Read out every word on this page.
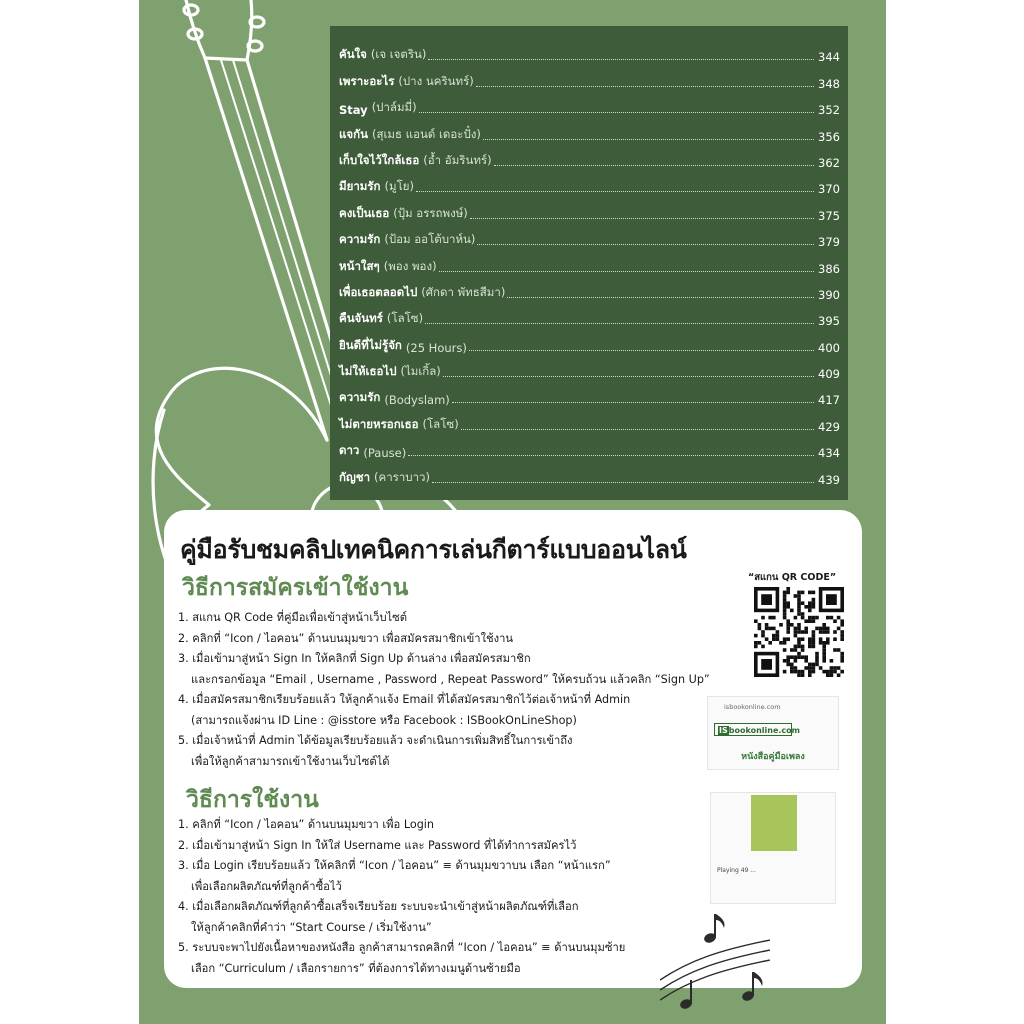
คันใจ (เจ เจตริน)	344
เพราะอะไร (ปาง นครินทร์)	348
Stay (ปาล์มมี่)	352
แจกัน (สุเมธ แอนด์ เดอะปั๋ง)	356
เก็บใจไว้ใกล้เธอ (อ้ำ อัมรินทร์)	362
มียามรัก (มูโย)	370
คงเป็นเธอ (ปุ้ม อรรถพงษ์)	375
ความรัก (ป้อม ออโต้บาห์น)	379
หน้าใสๆ (พอง พอง)	386
เพื่อเธอตลอดไป (ศักดา พัทธสีมา)	390
คืนจันทร์ (โลโซ)	395
ยินดีที่ไม่รู้จัก (25 Hours)	400
ไม่ให้เธอไป (ไมเกิ้ล)	409
ความรัก (Bodyslam)	417
ไม่ตายหรอกเธอ (โลโซ)	429
ดาว (Pause)	434
กัญชา (คาราบาว)	439
คู่มือรับชมคลิปเทคนิคการเล่นกีตาร์แบบออนไลน์
วิธีการสมัครเข้าใช้งาน
1. สแกน QR Code ที่คู่มือเพื่อเข้าสู่หน้าเว็บไซต์
2. คลิกที่ “Icon / ไอคอน” ด้านบนมุมขวา เพื่อสมัครสมาชิกเข้าใช้งาน
3. เมื่อเข้ามาสู่หน้า Sign In ให้คลิกที่ Sign Up ด้านล่าง เพื่อสมัครสมาชิก
และกรอกข้อมูล “Email , Username , Password , Repeat Password” ให้ครบถ้วน แล้วคลิก “Sign Up”
4. เมื่อสมัครสมาชิกเรียบร้อยแล้ว ให้ลูกค้าแจ้ง Email ที่ได้สมัครสมาชิกไว้ต่อเจ้าหน้าที่ Admin
(สามารถแจ้งผ่าน ID Line : @isstore หรือ Facebook : ISBookOnLineShop)
5. เมื่อเจ้าหน้าที่ Admin ได้ข้อมูลเรียบร้อยแล้ว จะดำเนินการเพิ่มสิทธิ์ในการเข้าถึง
เพื่อให้ลูกค้าสามารถเข้าใช้งานเว็บไซต์ได้
วิธีการใช้งาน
1. คลิกที่ “Icon / ไอคอน” ด้านบนมุมขวา เพื่อ Login
2. เมื่อเข้ามาสู่หน้า Sign In ให้ใส่ Username และ Password ที่ได้ทำการสมัครไว้
3. เมื่อ Login เรียบร้อยแล้ว ให้คลิกที่ “Icon / ไอคอน” ≡ ด้านมุมขวาบน เลือก “หน้าแรก”
เพื่อเลือกผลิตภัณฑ์ที่ลูกค้าซื้อไว้
4. เมื่อเลือกผลิตภัณฑ์ที่ลูกค้าซื้อเสร็จเรียบร้อย ระบบจะนำเข้าสู่หน้าผลิตภัณฑ์ที่เลือก
ให้ลูกค้าคลิกที่คำว่า “Start Course / เริ่มใช้งาน”
5. ระบบจะพาไปยังเนื้อหาของหนังสือ ลูกค้าสามารถคลิกที่ “Icon / ไอคอน” ≡ ด้านบนมุมซ้าย
เลือก “Curriculum / เลือกรายการ” ที่ต้องการได้ทางเมนูด้านซ้ายมือ
“สแกน QR CODE”
isbookonline.com
ISbookonline.com
หนังสือคู่มือเพลง
Playing 49 ...
